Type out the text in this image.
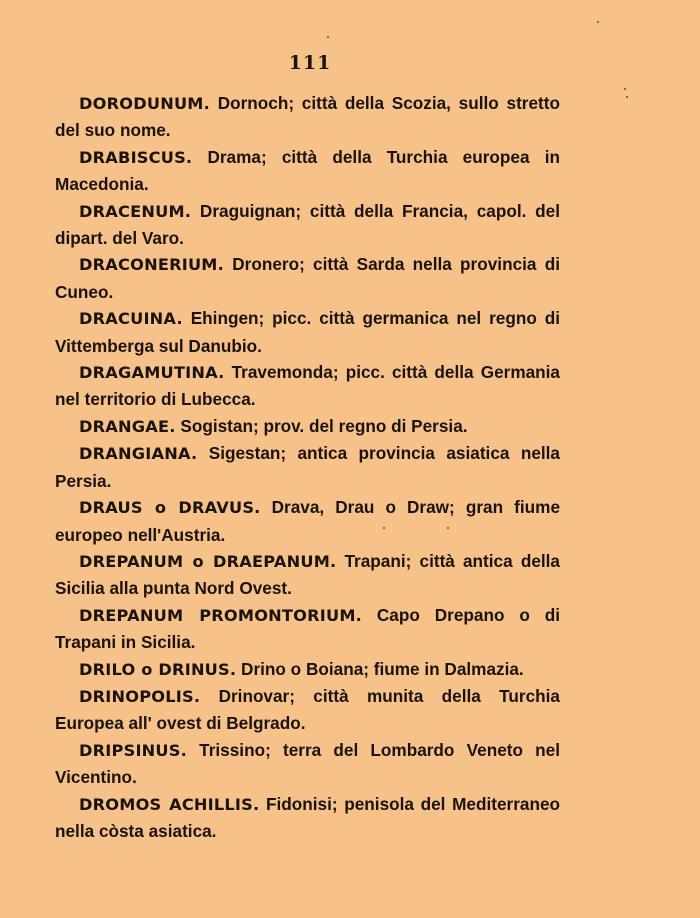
111

DORODUNUM. Dornoch; città della Scozia, sullo stretto del suo nome.

DRABISCUS. Drama; città della Turchia europea in Macedonia.

DRACENUM. Draguignan; città della Francia, capol. del dipart. del Varo.

DRACONERIUM. Dronero; città Sarda nella provincia di Cuneo.

DRACUINA. Ehingen; picc. città germanica nel regno di Vittemberga sul Danubio.

DRAGAMUTINA. Travemonda; picc. città della Germania nel territorio di Lubecca.

DRANGAE. Sogistan; prov. del regno di Persia.

DRANGIANA. Sigestan; antica provincia asiatica nella Persia.

DRAUS o DRAVUS. Drava, Drau o Draw; gran fiume europeo nell'Austria.

DREPANUM o DRAEPANUM. Trapani; città antica della Sicilia alla punta Nord Ovest.

DREPANUM PROMONTORIUM. Capo Drepano o di Trapani in Sicilia.

DRILO o DRINUS. Drino o Boiana; fiume in Dalmazia.

DRINOPOLIS. Drinovar; città munita della Turchia Europea all' ovest di Belgrado.

DRIPSINUS. Trissino; terra del Lombardo Veneto nel Vicentino.

DROMOS ACHILLIS. Fidonisi; penisola del Mediterraneo nella còsta asiatica.
